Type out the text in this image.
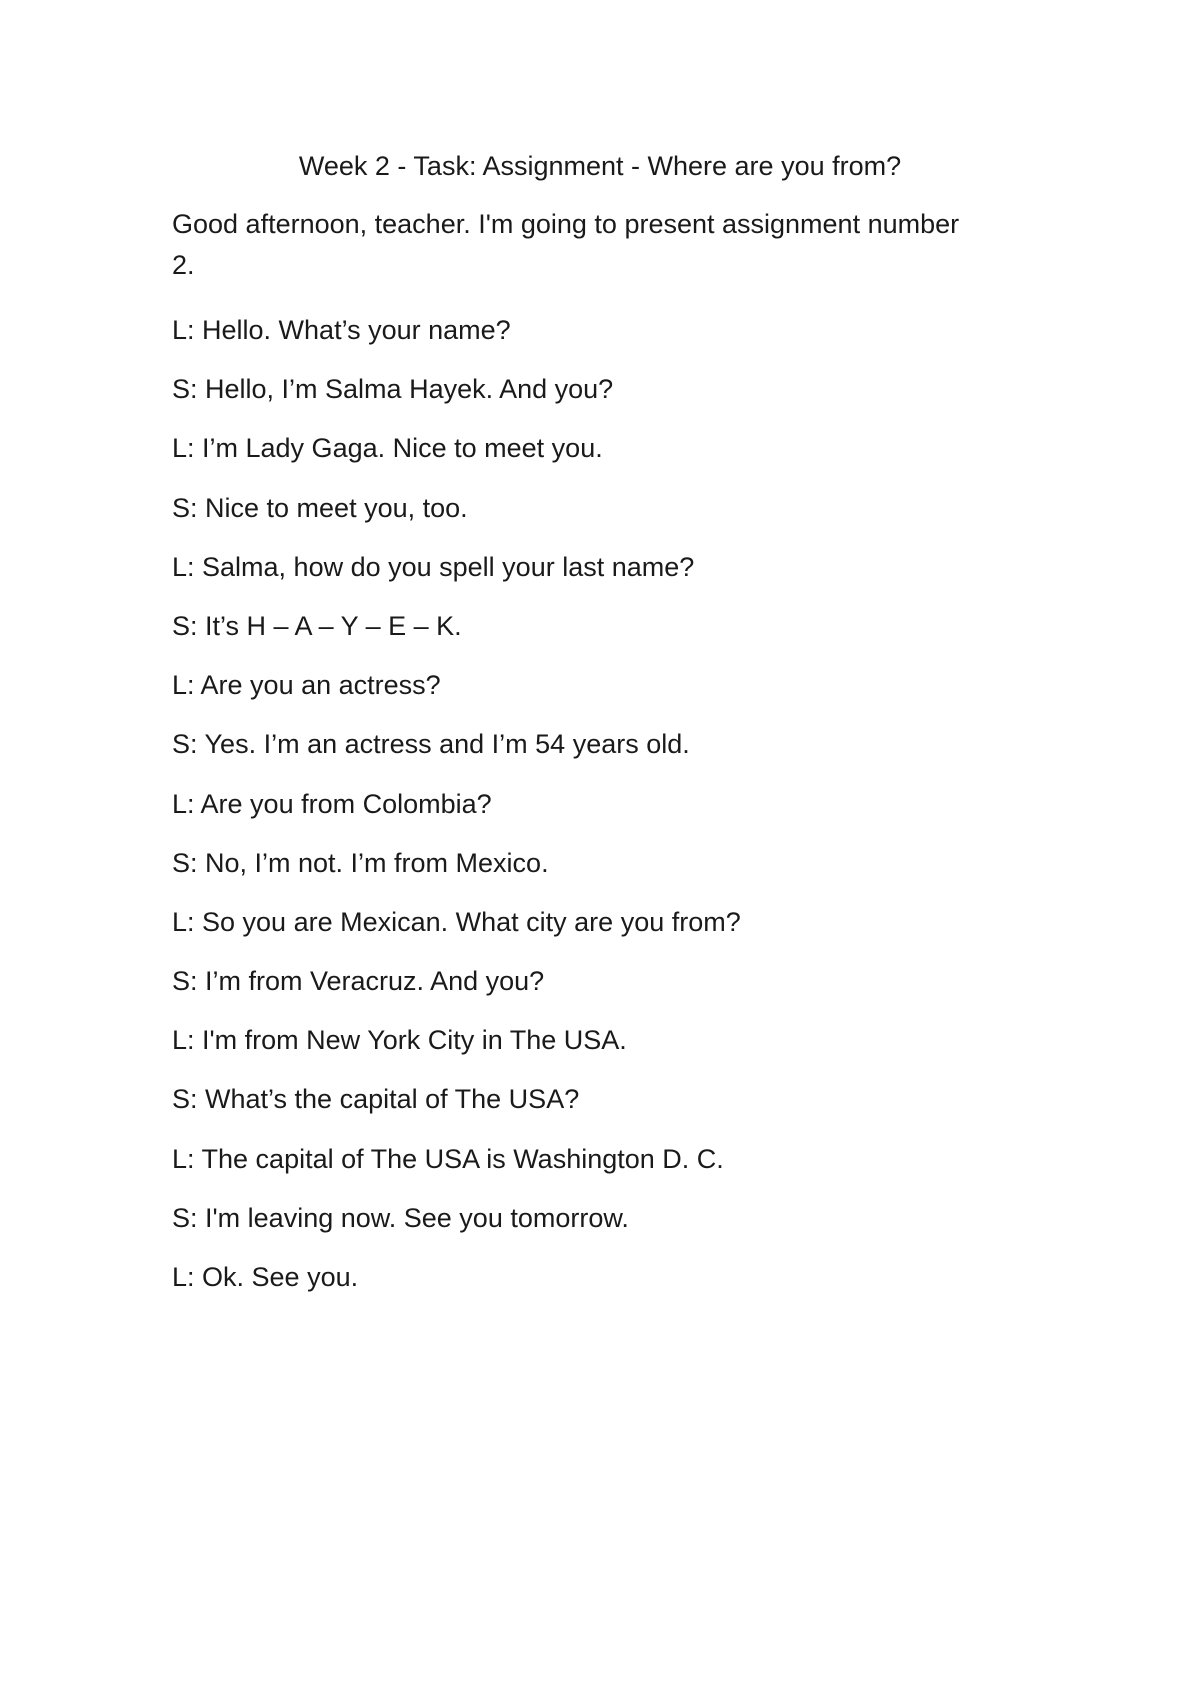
Week 2 - Task: Assignment - Where are you from?

Good afternoon, teacher. I'm going to present assignment number 2.

L: Hello. What’s your name?
S: Hello, I’m Salma Hayek. And you?
L: I’m Lady Gaga. Nice to meet you.
S: Nice to meet you, too.
L: Salma, how do you spell your last name?
S: It’s H – A – Y – E – K.
L: Are you an actress?
S: Yes. I’m an actress and I’m 54 years old.
L: Are you from Colombia?
S: No, I’m not. I’m from Mexico.
L: So you are Mexican. What city are you from?
S: I’m from Veracruz. And you?
L: I'm from New York City in The USA.
S: What’s the capital of The USA?
L: The capital of The USA is Washington D. C.
S: I'm leaving now. See you tomorrow.
L: Ok. See you.
